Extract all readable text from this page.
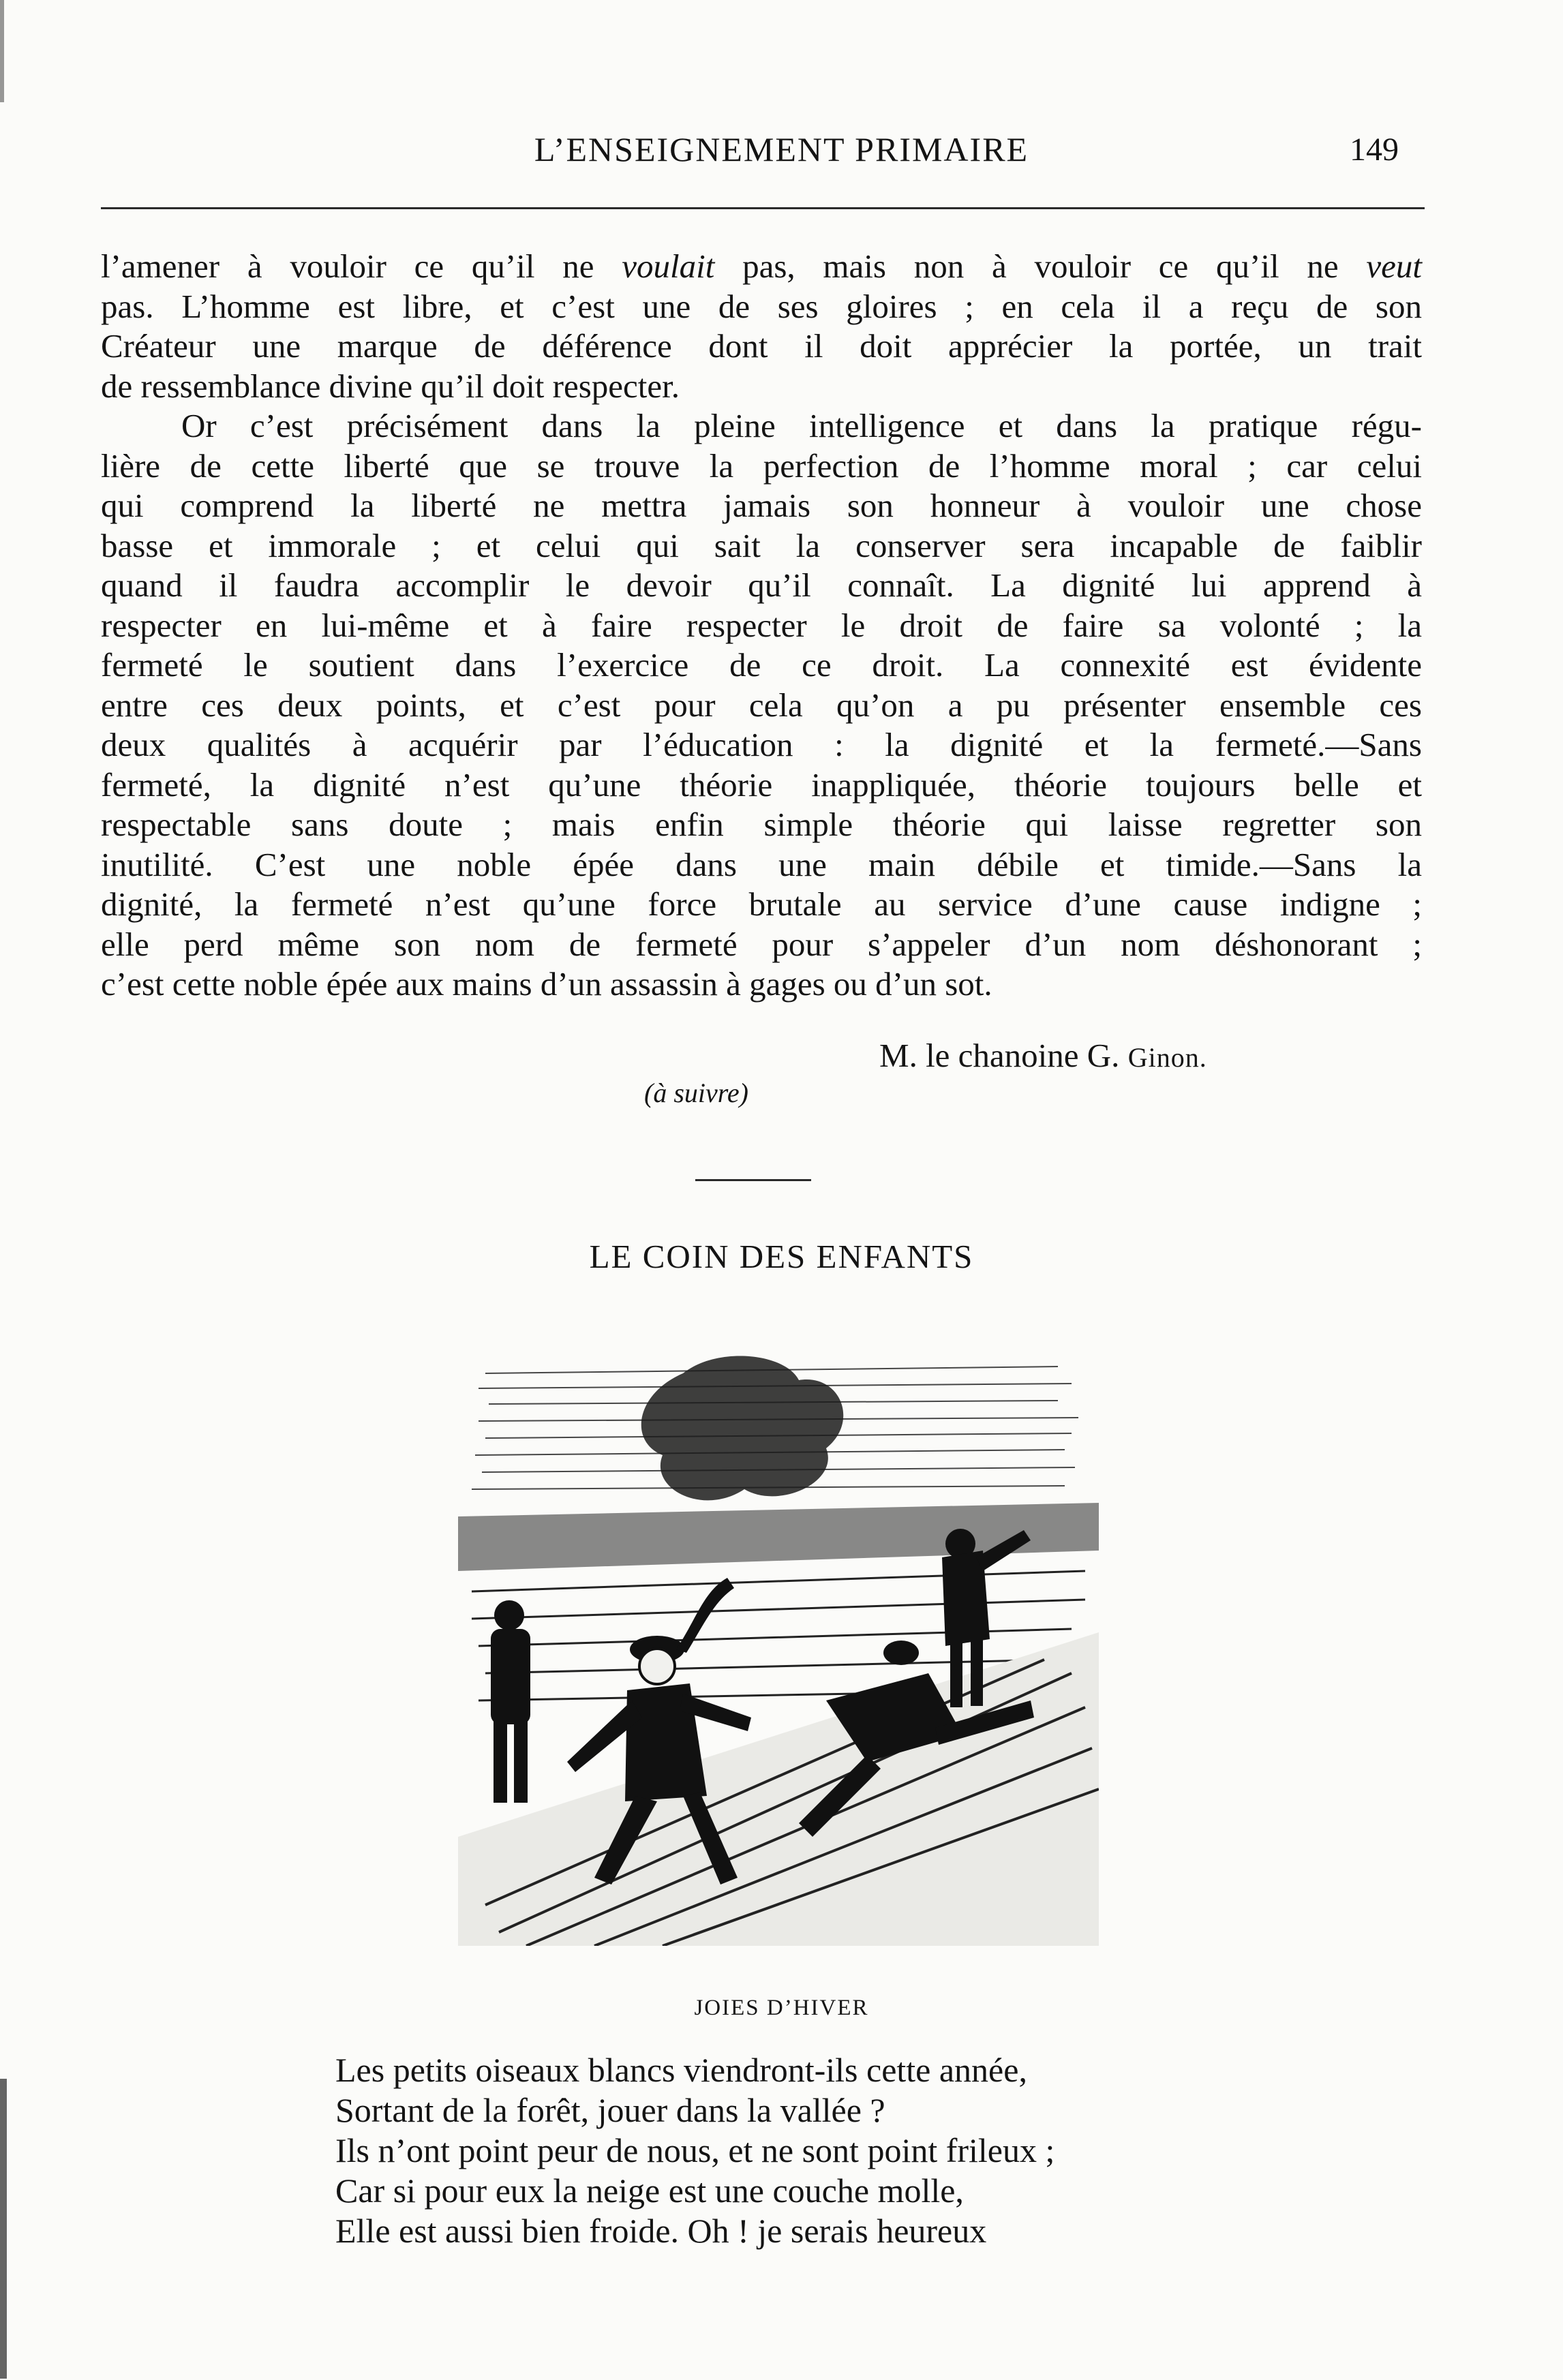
L’ENSEIGNEMENT PRIMAIRE	149
l’amener à vouloir ce qu’il ne voulait pas, mais non à vouloir ce qu’il ne veut
pas. L’homme est libre, et c’est une de ses gloires ; en cela il a reçu de son
Créateur une marque de déférence dont il doit apprécier la portée, un trait
de ressemblance divine qu’il doit respecter.
Or c’est précisément dans la pleine intelligence et dans la pratique régu-
lière de cette liberté que se trouve la perfection de l’homme moral ; car celui
qui comprend la liberté ne mettra jamais son honneur à vouloir une chose
basse et immorale ; et celui qui sait la conserver sera incapable de faiblir
quand il faudra accomplir le devoir qu’il connaît. La dignité lui apprend à
respecter en lui-même et à faire respecter le droit de faire sa volonté ; la
fermeté le soutient dans l’exercice de ce droit. La connexité est évidente
entre ces deux points, et c’est pour cela qu’on a pu présenter ensemble ces
deux qualités à acquérir par l’éducation : la dignité et la fermeté.—Sans
fermeté, la dignité n’est qu’une théorie inappliquée, théorie toujours belle et
respectable sans doute ; mais enfin simple théorie qui laisse regretter son
inutilité. C’est une noble épée dans une main débile et timide.—Sans la
dignité, la fermeté n’est qu’une force brutale au service d’une cause indigne ;
elle perd même son nom de fermeté pour s’appeler d’un nom déshonorant ;
c’est cette noble épée aux mains d’un assassin à gages ou d’un sot.
M. le chanoine G. Ginon.
(à suivre)
LE COIN DES ENFANTS
JOIES D’HIVER
Les petits oiseaux blancs viendront-ils cette année,
Sortant de la forêt, jouer dans la vallée ?
Ils n’ont point peur de nous, et ne sont point frileux ;
Car si pour eux la neige est une couche molle,
Elle est aussi bien froide. Oh ! je serais heureux
